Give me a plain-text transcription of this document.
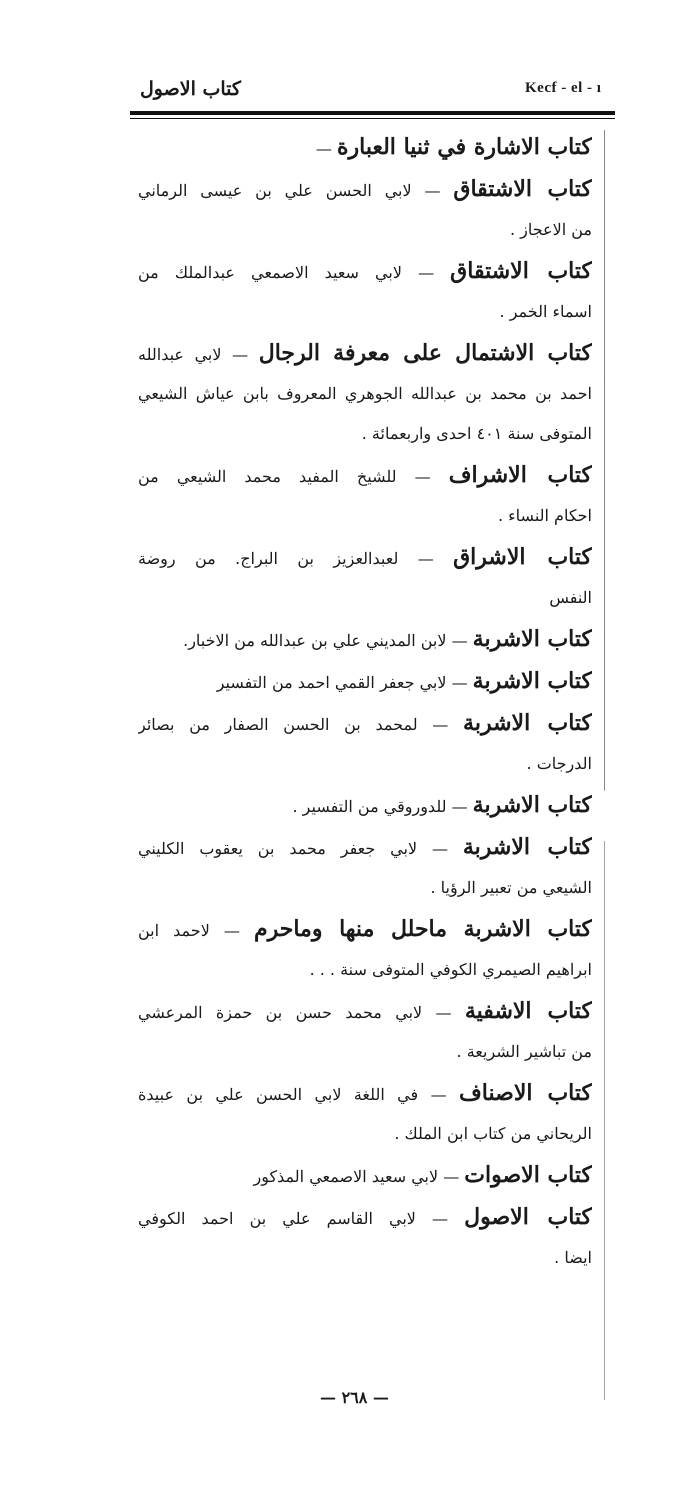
كتاب الاصول	Kecf - el - ı
كتاب الاشارة في ثنيا العبارة —
كتاب الاشتقاق — لابي الحسن علي بن عيسى الرماني
من الاعجاز .
كتاب الاشتقاق — لابي سعيد الاصمعي عبدالملك من
اسماء الخمر .
كتاب الاشتمال على معرفة الرجال — لابي عبدالله
احمد بن محمد بن عبدالله الجوهري المعروف بابن عياش الشيعي
المتوفى سنة ٤٠١ احدى واربعمائة .
كتاب الاشراف — للشيخ المفيد محمد الشيعي من
احكام النساء .
كتاب الاشراق — لعبدالعزيز بن البراج. من روضة
النفس
كتاب الاشربة — لابن المديني علي بن عبدالله من الاخبار.
كتاب الاشربة — لابي جعفر القمي احمد من التفسير
كتاب الاشربة — لمحمد بن الحسن الصفار من بصائر
الدرجات .
كتاب الاشربة — للدوروقي من التفسير .
كتاب الاشربة — لابي جعفر محمد بن يعقوب الكليني
الشيعي من تعبير الرؤيا .
كتاب الاشربة ماحلل منها وماحرم — لاحمد ابن
ابراهيم الصيمري الكوفي المتوفى سنة . . .
كتاب الاشفية — لابي محمد حسن بن حمزة المرعشي
من تباشير الشريعة .
كتاب الاصناف — في اللغة لابي الحسن علي بن عبيدة
الريحاني من كتاب ابن الملك .
كتاب الاصوات — لابي سعيد الاصمعي المذكور
كتاب الاصول — لابي القاسم علي بن احمد الكوفي
ايضا .
— ٢٦٨ —
